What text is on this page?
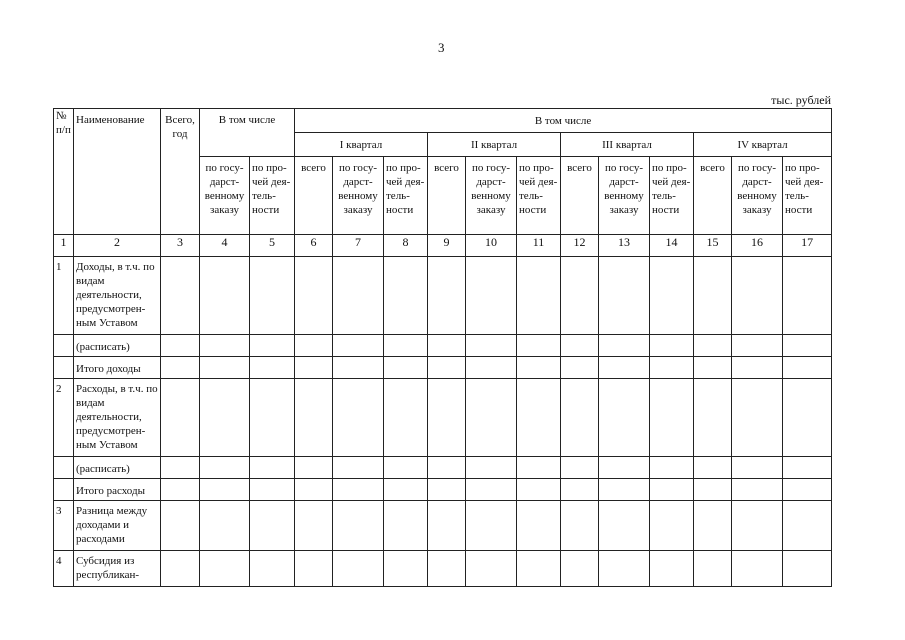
3
тыс. рублей
№ п/п	Наименование	Всего, год	В том числе		В том числе											
					I квартал			II квартал			III квартал			IV квартал		
			по госу- дарст- венному заказу	по про- чей дея- тель- ности	всего	по госу- дарст- венному заказу	по про- чей дея- тель- ности	всего	по госу- дарст- венному заказу	по про- чей дея- тель- ности	всего	по госу- дарст- венному заказу	по про- чей дея- тель- ности	всего	по госу- дарст- венному заказу	по про- чей дея- тель- ности
1	2	3	4	5	6	7	8	9	10	11	12	13	14	15	16	17
1	Доходы, в т.ч. по видам деятельности, предусмотрен- ным Уставом															
	(расписать)															
	Итого доходы															
2	Расходы, в т.ч. по видам деятельности, предусмотрен- ным Уставом															
	(расписать)															
	Итого расходы															
3	Разница между доходами и расходами															
4	Субсидия из республикан-															
